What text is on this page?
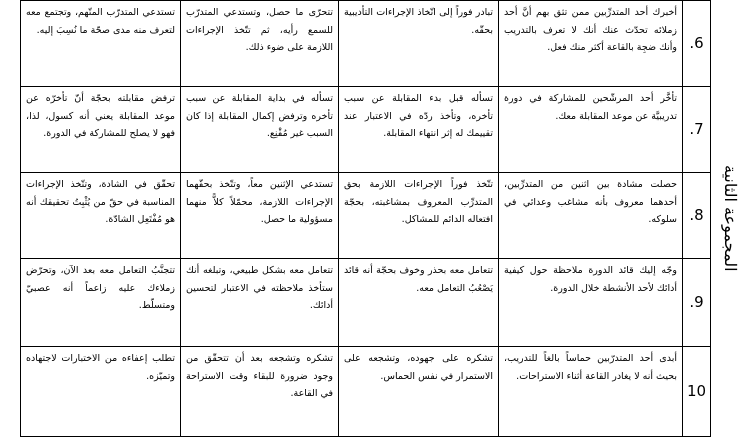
.6	أخبرك أحد المتدرِّبين ممن تثق بهم أنَّ أحد زملائه تحدّث عنك أنك لا تعرف بالتدريب وأنك ضجِة بالقاعة أكثر منك فعل.	تبادر فوراً إلى اتّخاذ الإجراءات التأديبية بحقّه.	تتحرّى ما حصل، وتستدعي المتدرّب للسمع رأيه، ثم تتّخذ الإجراءات اللازمة على ضوء ذلك.	تستدعي المتدرّب المتّهم، وتجتمع معه لتعرف منه مدى صحّة ما نُسِبَ إليه.
.7	تأخَّر أحد المرشّحين للمشاركة في دورة تدريبيَّة عن موعد المقابلة معك.	تسأله قبل بدء المقابلة عن سبب تأخره، وتأخذ ردّه في الاعتبار عند تقييمك له إثر انتهاء المقابلة.	تسأله في بداية المقابلة عن سبب تأخره وترفض إكمال المقابلة إذا كان السبب غير مُقْنِع.	ترفض مقابلته بحجّة أنّ تأخرّه عن موعد المقابلة يعني أنه كسول، لذا، فهو لا يصلح للمشاركة في الدورة.
.8	حصلت مشادة بين اثنين من المتدرِّبين، أحدهما معروف بأنه مشاغب وعدائي في سلوكه.	تتّخذ فوراً الإجراءات اللازمة بحق المتدرِّب المعروف بمشاغبته، بحجّة افتعاله الدائم للمشاكل.	تستدعي الإثنين معاً، وتتّخذ بحقّهما الإجراءات اللازمة، محمّلاً كلاًّ منهما مسؤولية ما حصل.	تحقّق في الشادة، وتتّخذ الإجراءات المناسبة في حقّ من يُثْبِتُ تحقيقك أنه هو مُفْتَعِل الشادّة.
.9	وجّه إليك قائد الدورة ملاحظة حول كيفية أدائك لأحد الأنشطة خلال الدورة.	تتعامل معه بحذر وخوف بحجّة أنه قائد يَصْعُبُ التعامل معه.	تتعامل معه بشكل طبيعي، وتبلغه أنك ستأخذ ملاحظته في الاعتبار لتحسين أدائك.	تتجنَّبُ التعامل معه بعد الآن، وتحرّض زملاءك عليه زاعماً أنه عصبيّ ومتسلّط.
10	أبدى أحد المتدرّبين حماساً بالغاً للتدريب، بحيث أنه لا يغادر القاعة أثناء الاستراحات.	تشكره على جهوده، وتشجعه على الاستمرار في نفس الحماس.	تشكره وتشجعه بعد أن تتحقّق من وجود ضرورة للبقاء وقت الاستراحة في القاعة.	تطلب إعفاءه من الاختبارات لاجتهاده وتميّزه.
المجموعة الثانية
